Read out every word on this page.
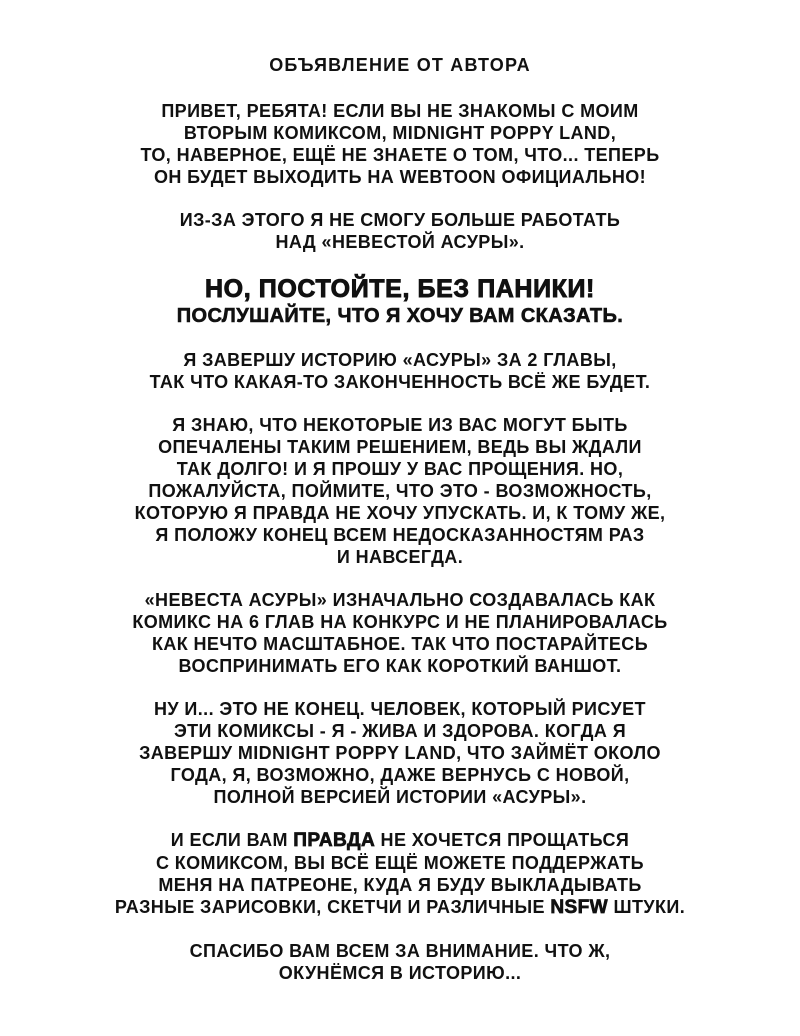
ОБЪЯВЛЕНИЕ ОТ АВТОРА
ПРИВЕТ, РЕБЯТА! ЕСЛИ ВЫ НЕ ЗНАКОМЫ С МОИМ
ВТОРЫМ КОМИКСОМ, MIDNIGHT POPPY LAND,
ТО, НАВЕРНОЕ, ЕЩЁ НЕ ЗНАЕТЕ О ТОМ, ЧТО... ТЕПЕРЬ
ОН БУДЕТ ВЫХОДИТЬ НА WEBTOON ОФИЦИАЛЬНО!
ИЗ-ЗА ЭТОГО Я НЕ СМОГУ БОЛЬШЕ РАБОТАТЬ
НАД «НЕВЕСТОЙ АСУРЫ».
НО, ПОСТОЙТЕ, БЕЗ ПАНИКИ!
ПОСЛУШАЙТЕ, ЧТО Я ХОЧУ ВАМ СКАЗАТЬ.
Я ЗАВЕРШУ ИСТОРИЮ «АСУРЫ» ЗА 2 ГЛАВЫ,
ТАК ЧТО КАКАЯ-ТО ЗАКОНЧЕННОСТЬ ВСЁ ЖЕ БУДЕТ.
Я ЗНАЮ, ЧТО НЕКОТОРЫЕ ИЗ ВАС МОГУТ БЫТЬ
ОПЕЧАЛЕНЫ ТАКИМ РЕШЕНИЕМ, ВЕДЬ ВЫ ЖДАЛИ
ТАК ДОЛГО! И Я ПРОШУ У ВАС ПРОЩЕНИЯ. НО,
ПОЖАЛУЙСТА, ПОЙМИТЕ, ЧТО ЭТО - ВОЗМОЖНОСТЬ,
КОТОРУЮ Я ПРАВДА НЕ ХОЧУ УПУСКАТЬ. И, К ТОМУ ЖЕ,
Я ПОЛОЖУ КОНЕЦ ВСЕМ НЕДОСКАЗАННОСТЯМ РАЗ
И НАВСЕГДА.
«НЕВЕСТА АСУРЫ» ИЗНАЧАЛЬНО СОЗДАВАЛАСЬ КАК
КОМИКС НА 6 ГЛАВ НА КОНКУРС И НЕ ПЛАНИРОВАЛАСЬ
КАК НЕЧТО МАСШТАБНОЕ. ТАК ЧТО ПОСТАРАЙТЕСЬ
ВОСПРИНИМАТЬ ЕГО КАК КОРОТКИЙ ВАНШОТ.
НУ И... ЭТО НЕ КОНЕЦ. ЧЕЛОВЕК, КОТОРЫЙ РИСУЕТ
ЭТИ КОМИКСЫ - Я - ЖИВА И ЗДОРОВА. КОГДА Я
ЗАВЕРШУ MIDNIGHT POPPY LAND, ЧТО ЗАЙМЁТ ОКОЛО
ГОДА, Я, ВОЗМОЖНО, ДАЖЕ ВЕРНУСЬ С НОВОЙ,
ПОЛНОЙ ВЕРСИЕЙ ИСТОРИИ «АСУРЫ».
И ЕСЛИ ВАМ ПРАВДА НЕ ХОЧЕТСЯ ПРОЩАТЬСЯ
С КОМИКСОМ, ВЫ ВСЁ ЕЩЁ МОЖЕТЕ ПОДДЕРЖАТЬ
МЕНЯ НА ПАТРЕОНЕ, КУДА Я БУДУ ВЫКЛАДЫВАТЬ
РАЗНЫЕ ЗАРИСОВКИ, СКЕТЧИ И РАЗЛИЧНЫЕ NSFW ШТУКИ.
СПАСИБО ВАМ ВСЕМ ЗА ВНИМАНИЕ. ЧТО Ж,
ОКУНЁМСЯ В ИСТОРИЮ...
